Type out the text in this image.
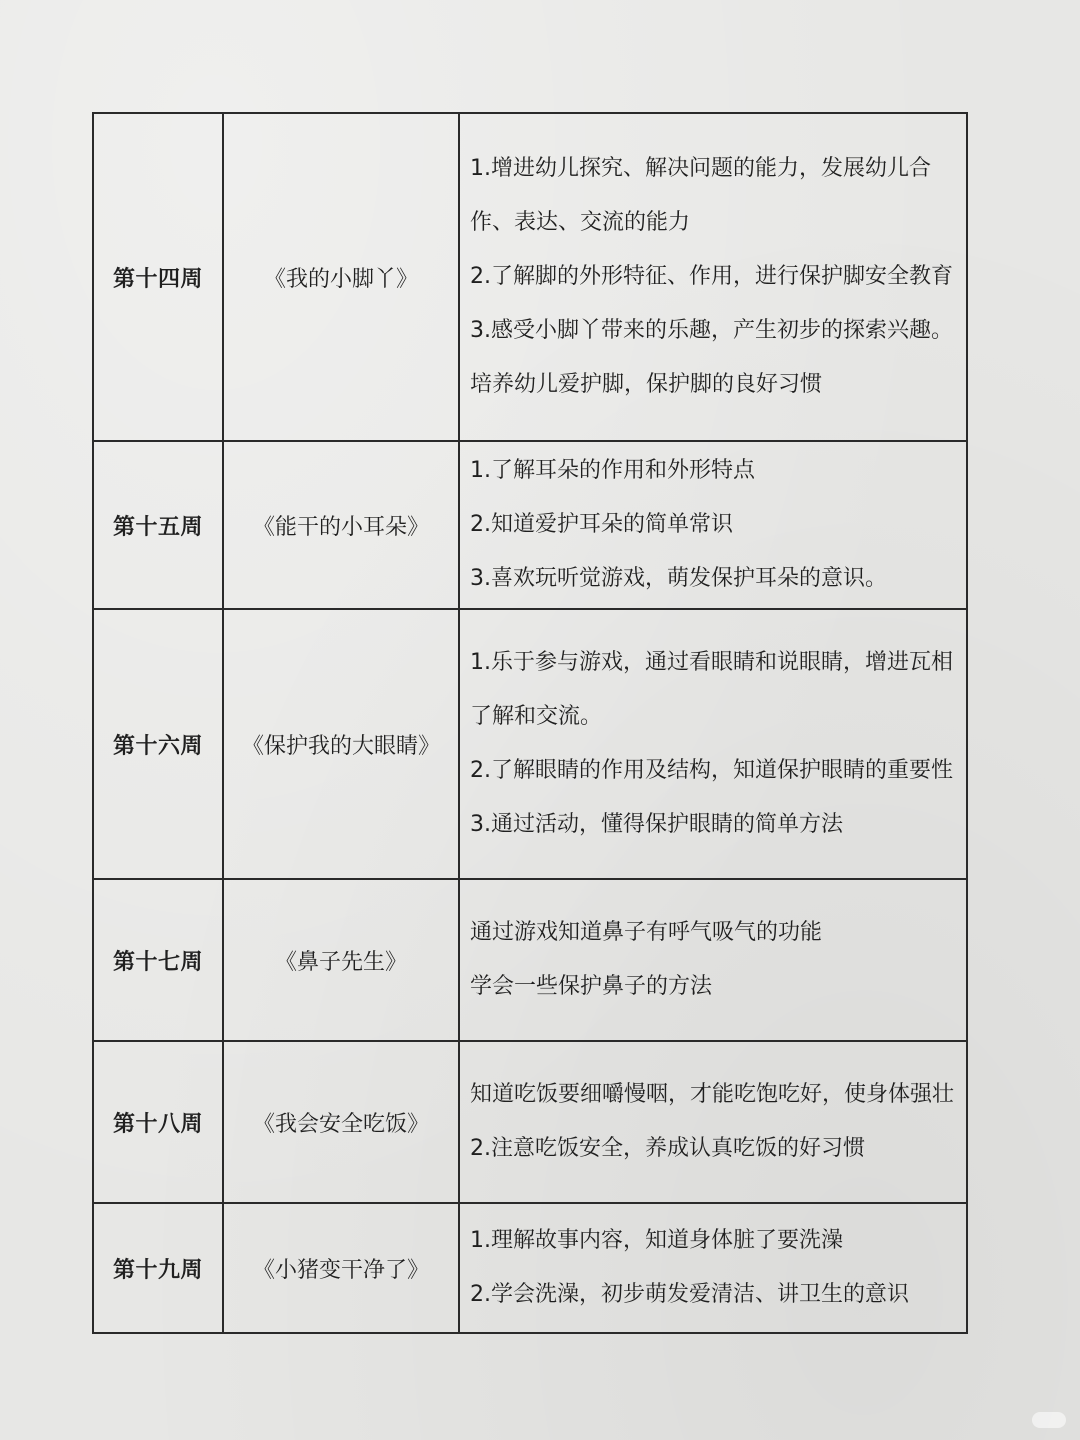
第十四周	《我的小脚丫》	1.增进幼儿探究、解决问题的能力，发展幼儿合作、表达、交流的能力
2.了解脚的外形特征、作用，进行保护脚安全教育
3.感受小脚丫带来的乐趣，产生初步的探索兴趣。培养幼儿爱护脚，保护脚的良好习惯

第十五周	《能干的小耳朵》	1.了解耳朵的作用和外形特点
2.知道爱护耳朵的简单常识
3.喜欢玩听觉游戏，萌发保护耳朵的意识。

第十六周	《保护我的大眼睛》	1.乐于参与游戏，通过看眼睛和说眼睛，增进瓦相了解和交流。
2.了解眼睛的作用及结构，知道保护眼睛的重要性
3.通过活动，懂得保护眼睛的简单方法

第十七周	《鼻子先生》	通过游戏知道鼻子有呼气吸气的功能
学会一些保护鼻子的方法

第十八周	《我会安全吃饭》	知道吃饭要细嚼慢咽，才能吃饱吃好，使身体强壮
2.注意吃饭安全，养成认真吃饭的好习惯

第十九周	《小猪变干净了》	1.理解故事内容，知道身体脏了要洗澡
2.学会洗澡，初步萌发爱清洁、讲卫生的意识
